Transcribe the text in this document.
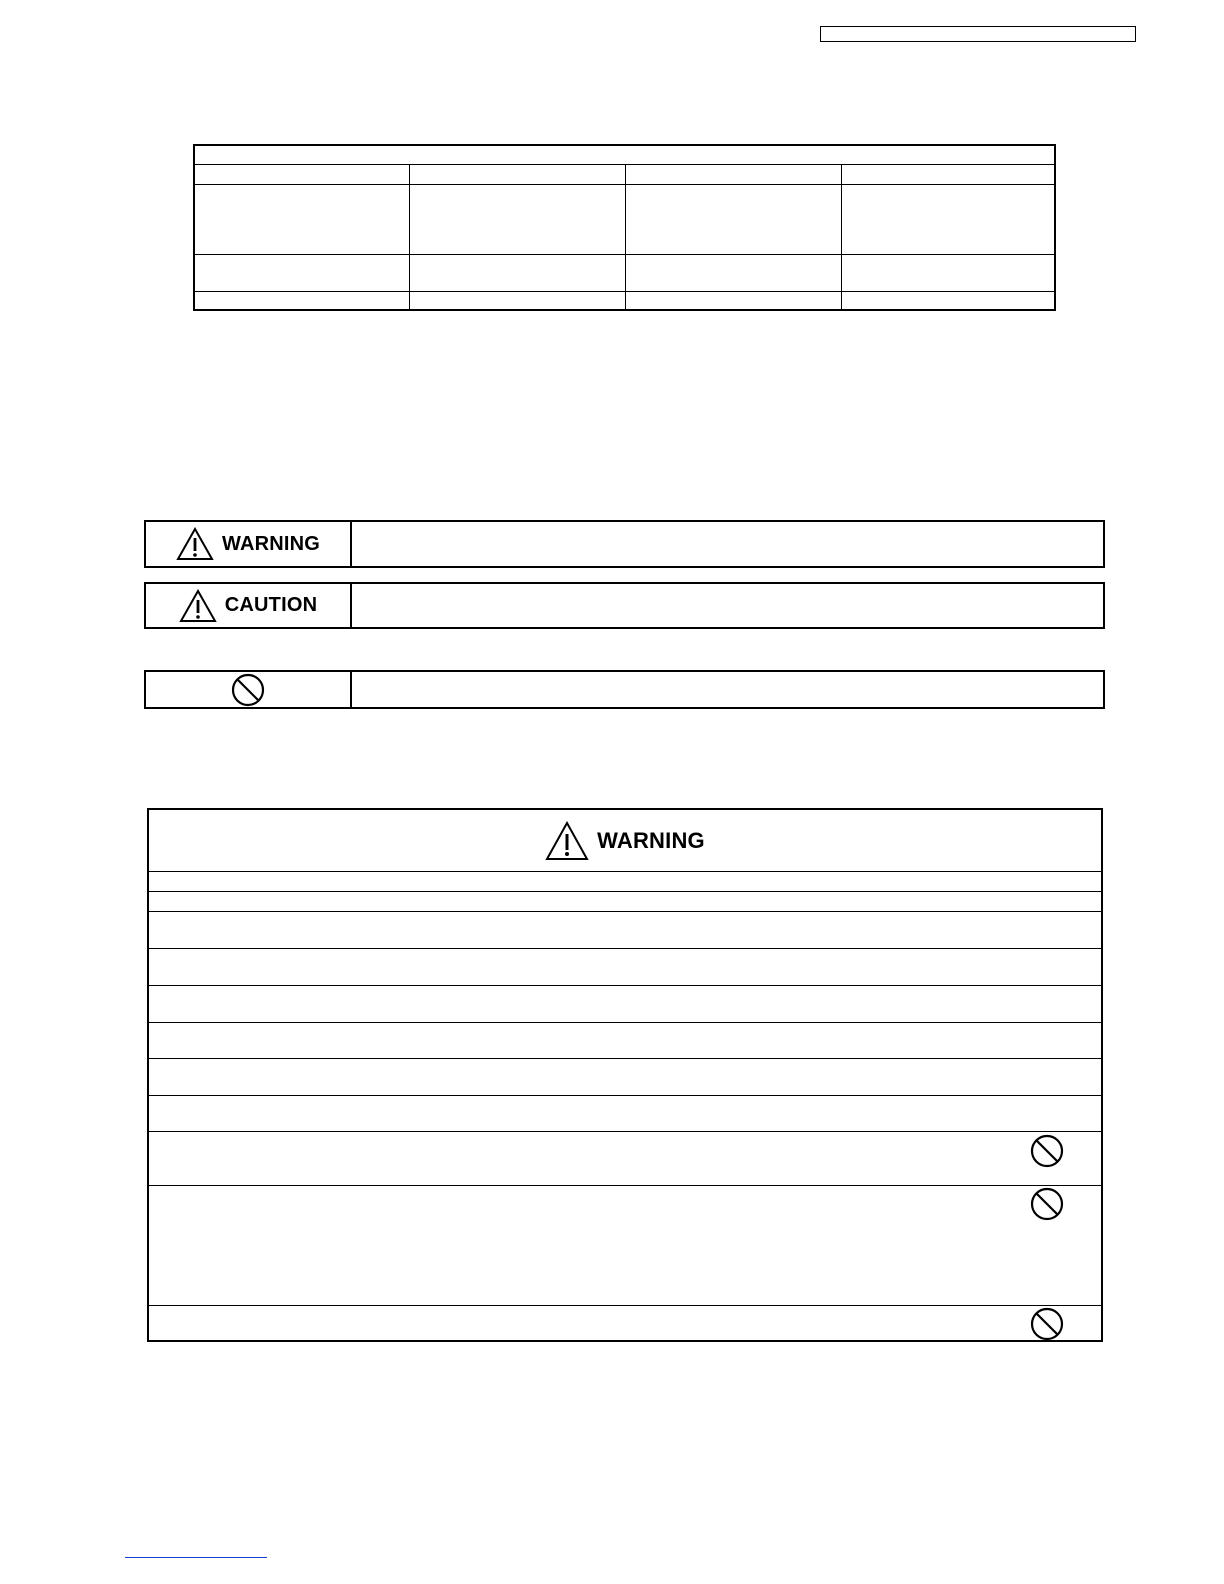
WARNING
CAUTION
WARNING
